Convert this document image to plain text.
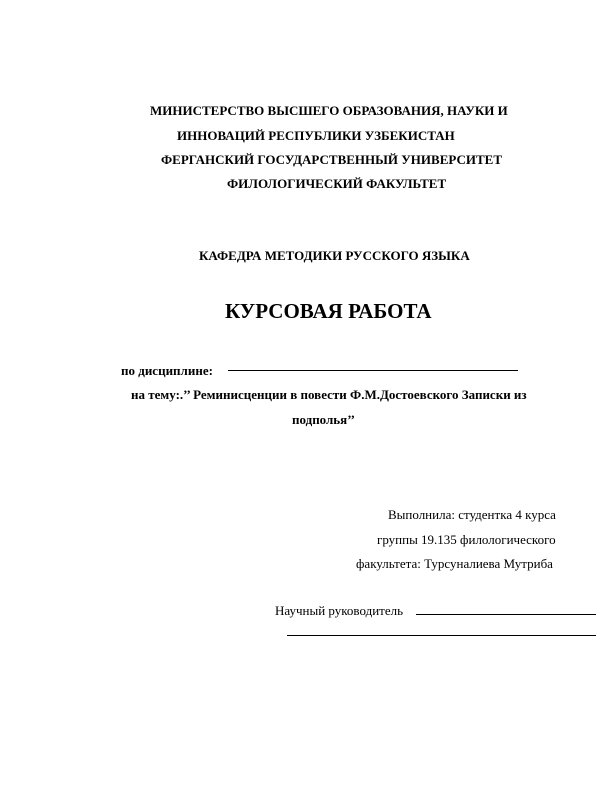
МИНИСТЕРСТВО ВЫСШЕГО ОБРАЗОВАНИЯ, НАУКИ И
ИННОВАЦИЙ РЕСПУБЛИКИ УЗБЕКИСТАН
ФЕРГАНСКИЙ ГОСУДАРСТВЕННЫЙ УНИВЕРСИТЕТ
ФИЛОЛОГИЧЕСКИЙ ФАКУЛЬТЕТ
КАФЕДРА МЕТОДИКИ РУССКОГО ЯЗЫКА
КУРСОВАЯ РАБОТА
по дисциплине:
на тему:.’’ Реминисценции в повести Ф.М.Достоевского Записки из
подполья’’
Выполнила: студентка 4 курса
группы 19.135 филологического
факультета: Турсуналиева Мутриба
Научный руководитель
